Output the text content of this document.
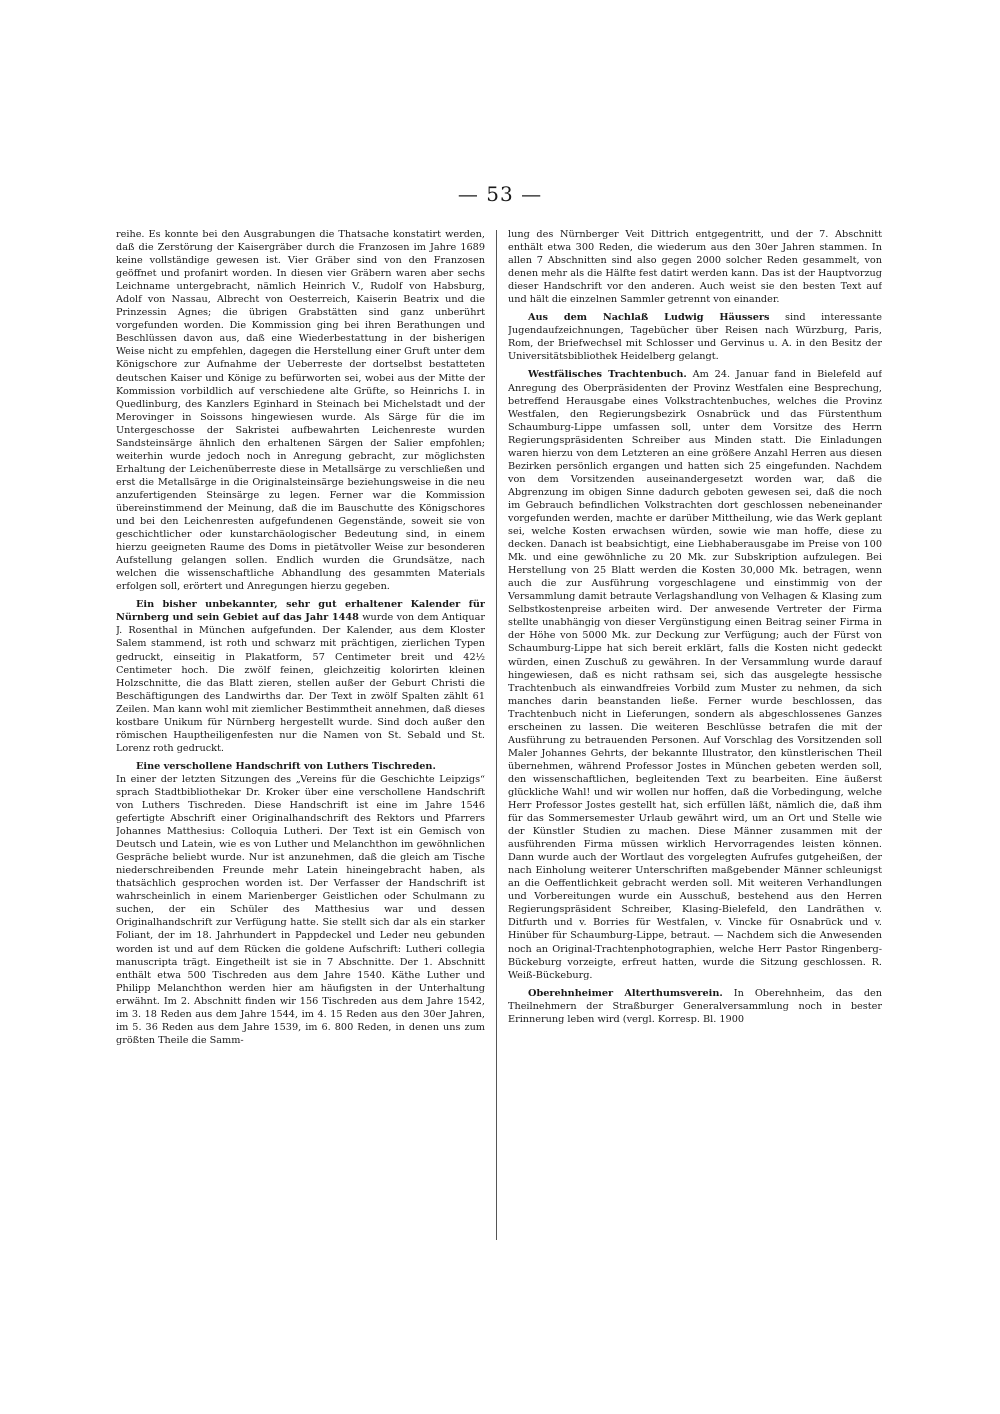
— 53 —

reihe. Es konnte bei den Ausgrabungen die Thatsache konstatirt werden, daß die Zerstörung der Kaisergräber durch die Franzosen im Jahre 1689 keine vollständige gewesen ist. Vier Gräber sind von den Franzosen geöffnet und profanirt worden. In diesen vier Gräbern waren aber sechs Leichname untergebracht, nämlich Heinrich V., Rudolf von Habsburg, Adolf von Nassau, Albrecht von Oesterreich, Kaiserin Beatrix und die Prinzessin Agnes; die übrigen Grabstätten sind ganz unberührt vorgefunden worden. Die Kommission ging bei ihren Berathungen und Beschlüssen davon aus, daß eine Wiederbestattung in der bisherigen Weise nicht zu empfehlen, dagegen die Herstellung einer Gruft unter dem Königschore zur Aufnahme der Ueberreste der dortselbst bestatteten deutschen Kaiser und Könige zu befürworten sei, wobei aus der Mitte der Kommission vorbildlich auf verschiedene alte Grüfte, so Heinrichs I. in Quedlinburg, des Kanzlers Eginhard in Steinach bei Michelstadt und der Merovinger in Soissons hingewiesen wurde. Als Särge für die im Untergeschosse der Sakristei aufbewahrten Leichenreste wurden Sandsteinsärge ähnlich den erhaltenen Särgen der Salier empfohlen; weiterhin wurde jedoch noch in Anregung gebracht, zur möglichsten Erhaltung der Leichenüberreste diese in Metallsärge zu verschließen und erst die Metallsärge in die Originalsteinsärge beziehungsweise in die neu anzufertigenden Steinsärge zu legen. Ferner war die Kommission übereinstimmend der Meinung, daß die im Bauschutte des Königschores und bei den Leichenresten aufgefundenen Gegenstände, soweit sie von geschichtlicher oder kunstarchäologischer Bedeutung sind, in einem hierzu geeigneten Raume des Doms in pietätvoller Weise zur besonderen Aufstellung gelangen sollen. Endlich wurden die Grundsätze, nach welchen die wissenschaftliche Abhandlung des gesammten Materials erfolgen soll, erörtert und Anregungen hierzu gegeben.

Ein bisher unbekannter, sehr gut erhaltener Kalender für Nürnberg und sein Gebiet auf das Jahr 1448 wurde von dem Antiquar J. Rosenthal in München aufgefunden. Der Kalender, aus dem Kloster Salem stammend, ist roth und schwarz mit prächtigen, zierlichen Typen gedruckt, einseitig in Plakatform, 57 Centimeter breit und 42½ Centimeter hoch. Die zwölf feinen, gleichzeitig kolorirten kleinen Holzschnitte, die das Blatt zieren, stellen außer der Geburt Christi die Beschäftigungen des Landwirths dar. Der Text in zwölf Spalten zählt 61 Zeilen. Man kann wohl mit ziemlicher Bestimmtheit annehmen, daß dieses kostbare Unikum für Nürnberg hergestellt wurde. Sind doch außer den römischen Hauptheiligenfesten nur die Namen von St. Sebald und St. Lorenz roth gedruckt.

Eine verschollene Handschrift von Luthers Tischreden.

In einer der letzten Sitzungen des „Vereins für die Geschichte Leipzigs“ sprach Stadtbibliothekar Dr. Kroker über eine verschollene Handschrift von Luthers Tischreden. Diese Handschrift ist eine im Jahre 1546 gefertigte Abschrift einer Originalhandschrift des Rektors und Pfarrers Johannes Matthesius: Colloquia Lutheri. Der Text ist ein Gemisch von Deutsch und Latein, wie es von Luther und Melanchthon im gewöhnlichen Gespräche beliebt wurde. Nur ist anzunehmen, daß die gleich am Tische niederschreibenden Freunde mehr Latein hineingebracht haben, als thatsächlich gesprochen worden ist. Der Verfasser der Handschrift ist wahrscheinlich in einem Marienberger Geistlichen oder Schulmann zu suchen, der ein Schüler des Matthesius war und dessen Originalhandschrift zur Verfügung hatte. Sie stellt sich dar als ein starker Foliant, der im 18. Jahrhundert in Pappdeckel und Leder neu gebunden worden ist und auf dem Rücken die goldene Aufschrift: Lutheri collegia manuscripta trägt. Eingetheilt ist sie in 7 Abschnitte. Der 1. Abschnitt enthält etwa 500 Tischreden aus dem Jahre 1540. Käthe Luther und Philipp Melanchthon werden hier am häufigsten in der Unterhaltung erwähnt. Im 2. Abschnitt finden wir 156 Tischreden aus dem Jahre 1542, im 3. 18 Reden aus dem Jahre 1544, im 4. 15 Reden aus den 30er Jahren, im 5. 36 Reden aus dem Jahre 1539, im 6. 800 Reden, in denen uns zum größten Theile die Samm-

lung des Nürnberger Veit Dittrich entgegentritt, und der 7. Abschnitt enthält etwa 300 Reden, die wiederum aus den 30er Jahren stammen. In allen 7 Abschnitten sind also gegen 2000 solcher Reden gesammelt, von denen mehr als die Hälfte fest datirt werden kann. Das ist der Hauptvorzug dieser Handschrift vor den anderen. Auch weist sie den besten Text auf und hält die einzelnen Sammler getrennt von einander.

Aus dem Nachlaß Ludwig Häussers sind interessante Jugendaufzeichnungen, Tagebücher über Reisen nach Würzburg, Paris, Rom, der Briefwechsel mit Schlosser und Gervinus u. A. in den Besitz der Universitätsbibliothek Heidelberg gelangt.

Westfälisches Trachtenbuch. Am 24. Januar fand in Bielefeld auf Anregung des Oberpräsidenten der Provinz Westfalen eine Besprechung, betreffend Herausgabe eines Volkstrachtenbuches, welches die Provinz Westfalen, den Regierungsbezirk Osnabrück und das Fürstenthum Schaumburg-Lippe umfassen soll, unter dem Vorsitze des Herrn Regierungspräsidenten Schreiber aus Minden statt. Die Einladungen waren hierzu von dem Letzteren an eine größere Anzahl Herren aus diesen Bezirken persönlich ergangen und hatten sich 25 eingefunden. Nachdem von dem Vorsitzenden auseinandergesetzt worden war, daß die Abgrenzung im obigen Sinne dadurch geboten gewesen sei, daß die noch im Gebrauch befindlichen Volkstrachten dort geschlossen nebeneinander vorgefunden werden, machte er darüber Mittheilung, wie das Werk geplant sei, welche Kosten erwachsen würden, sowie wie man hoffe, diese zu decken. Danach ist beabsichtigt, eine Liebhaberausgabe im Preise von 100 Mk. und eine gewöhnliche zu 20 Mk. zur Subskription aufzulegen. Bei Herstellung von 25 Blatt werden die Kosten 30,000 Mk. betragen, wenn auch die zur Ausführung vorgeschlagene und einstimmig von der Versammlung damit betraute Verlagshandlung von Velhagen & Klasing zum Selbstkostenpreise arbeiten wird. Der anwesende Vertreter der Firma stellte unabhängig von dieser Vergünstigung einen Beitrag seiner Firma in der Höhe von 5000 Mk. zur Deckung zur Verfügung; auch der Fürst von Schaumburg-Lippe hat sich bereit erklärt, falls die Kosten nicht gedeckt würden, einen Zuschuß zu gewähren. In der Versammlung wurde darauf hingewiesen, daß es nicht rathsam sei, sich das ausgelegte hessische Trachtenbuch als einwandfreies Vorbild zum Muster zu nehmen, da sich manches darin beanstanden ließe. Ferner wurde beschlossen, das Trachtenbuch nicht in Lieferungen, sondern als abgeschlossenes Ganzes erscheinen zu lassen. Die weiteren Beschlüsse betrafen die mit der Ausführung zu betrauenden Personen. Auf Vorschlag des Vorsitzenden soll Maler Johannes Gehrts, der bekannte Illustrator, den künstlerischen Theil übernehmen, während Professor Jostes in München gebeten werden soll, den wissenschaftlichen, begleitenden Text zu bearbeiten. Eine äußerst glückliche Wahl! und wir wollen nur hoffen, daß die Vorbedingung, welche Herr Professor Jostes gestellt hat, sich erfüllen läßt, nämlich die, daß ihm für das Sommersemester Urlaub gewährt wird, um an Ort und Stelle wie der Künstler Studien zu machen. Diese Männer zusammen mit der ausführenden Firma müssen wirklich Hervorragendes leisten können. Dann wurde auch der Wortlaut des vorgelegten Aufrufes gutgeheißen, der nach Einholung weiterer Unterschriften maßgebender Männer schleunigst an die Oeffentlichkeit gebracht werden soll. Mit weiteren Verhandlungen und Vorbereitungen wurde ein Ausschuß, bestehend aus den Herren Regierungspräsident Schreiber, Klasing-Bielefeld, den Landräthen v. Ditfurth und v. Borries für Westfalen, v. Vincke für Osnabrück und v. Hinüber für Schaumburg-Lippe, betraut. — Nachdem sich die Anwesenden noch an Original-Trachtenphotographien, welche Herr Pastor Ringenberg-Bückeburg vorzeigte, erfreut hatten, wurde die Sitzung geschlossen. R. Weiß-Bückeburg.

Oberehnheimer Alterthumsverein. In Oberehnheim, das den Theilnehmern der Straßburger Generalversammlung noch in bester Erinnerung leben wird (vergl. Korresp. Bl. 1900
